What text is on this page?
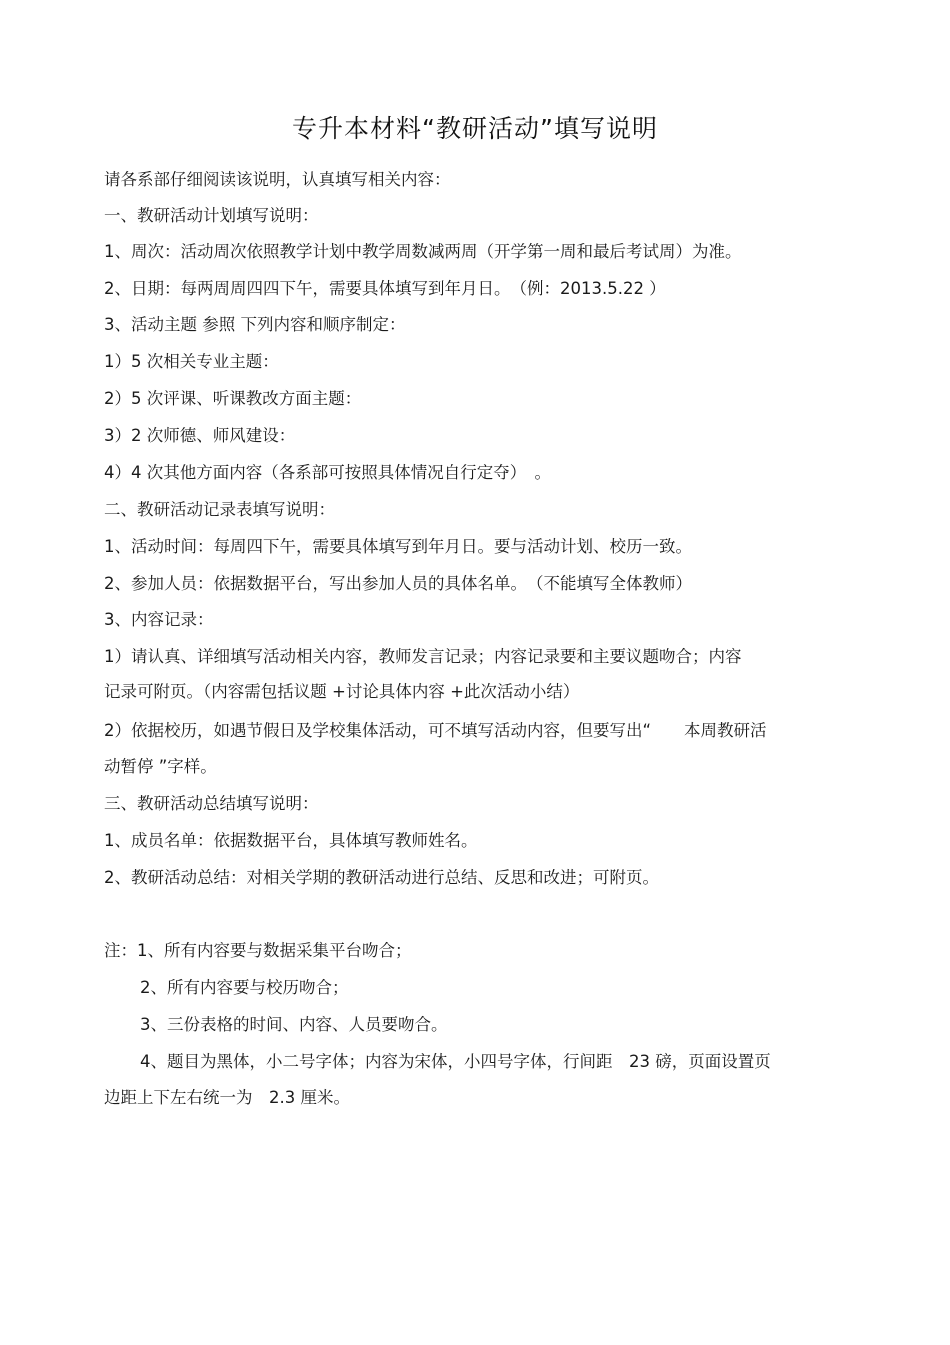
专升本材料“教研活动”填写说明
请各系部仔细阅读该说明，认真填写相关内容：
一、教研活动计划填写说明：
1、周次：活动周次依照教学计划中教学周数减两周（开学第一周和最后考试周）为准。
2、日期：每两周周四四下午，需要具体填写到年月日。　（例：2013.5.22 ）
3、活动主题 参照 下列内容和顺序制定：
1）5 次相关专业主题：
2）5 次评课、听课教改方面主题：
3）2 次师德、师风建设：
4）4 次其他方面内容（各系部可按照具体情况自行定夺）　。
二、教研活动记录表填写说明：
1、活动时间：每周四下午，需要具体填写到年月日。要与活动计划、校历一致。
2、参加人员：依据数据平台，写出参加人员的具体名单。　（不能填写全体教师）
3、内容记录：
1）请认真、详细填写活动相关内容，教师发言记录；内容记录要和主要议题吻合；内容
记录可附页。（内容需包括议题 +讨论具体内容 +此次活动小结）
2）依据校历，如遇节假日及学校集体活动，可不填写活动内容，但要写出“　　本周教研活
动暂停 ”字样。
三、教研活动总结填写说明：
1、成员名单：依据数据平台，具体填写教师姓名。
2、教研活动总结：对相关学期的教研活动进行总结、反思和改进；可附页。
注：1、所有内容要与数据采集平台吻合；
2、所有内容要与校历吻合；
3、三份表格的时间、内容、人员要吻合。
4、题目为黑体，小二号字体；内容为宋体，小四号字体，行间距　23 磅，页面设置页
边距上下左右统一为　2.3 厘米。
